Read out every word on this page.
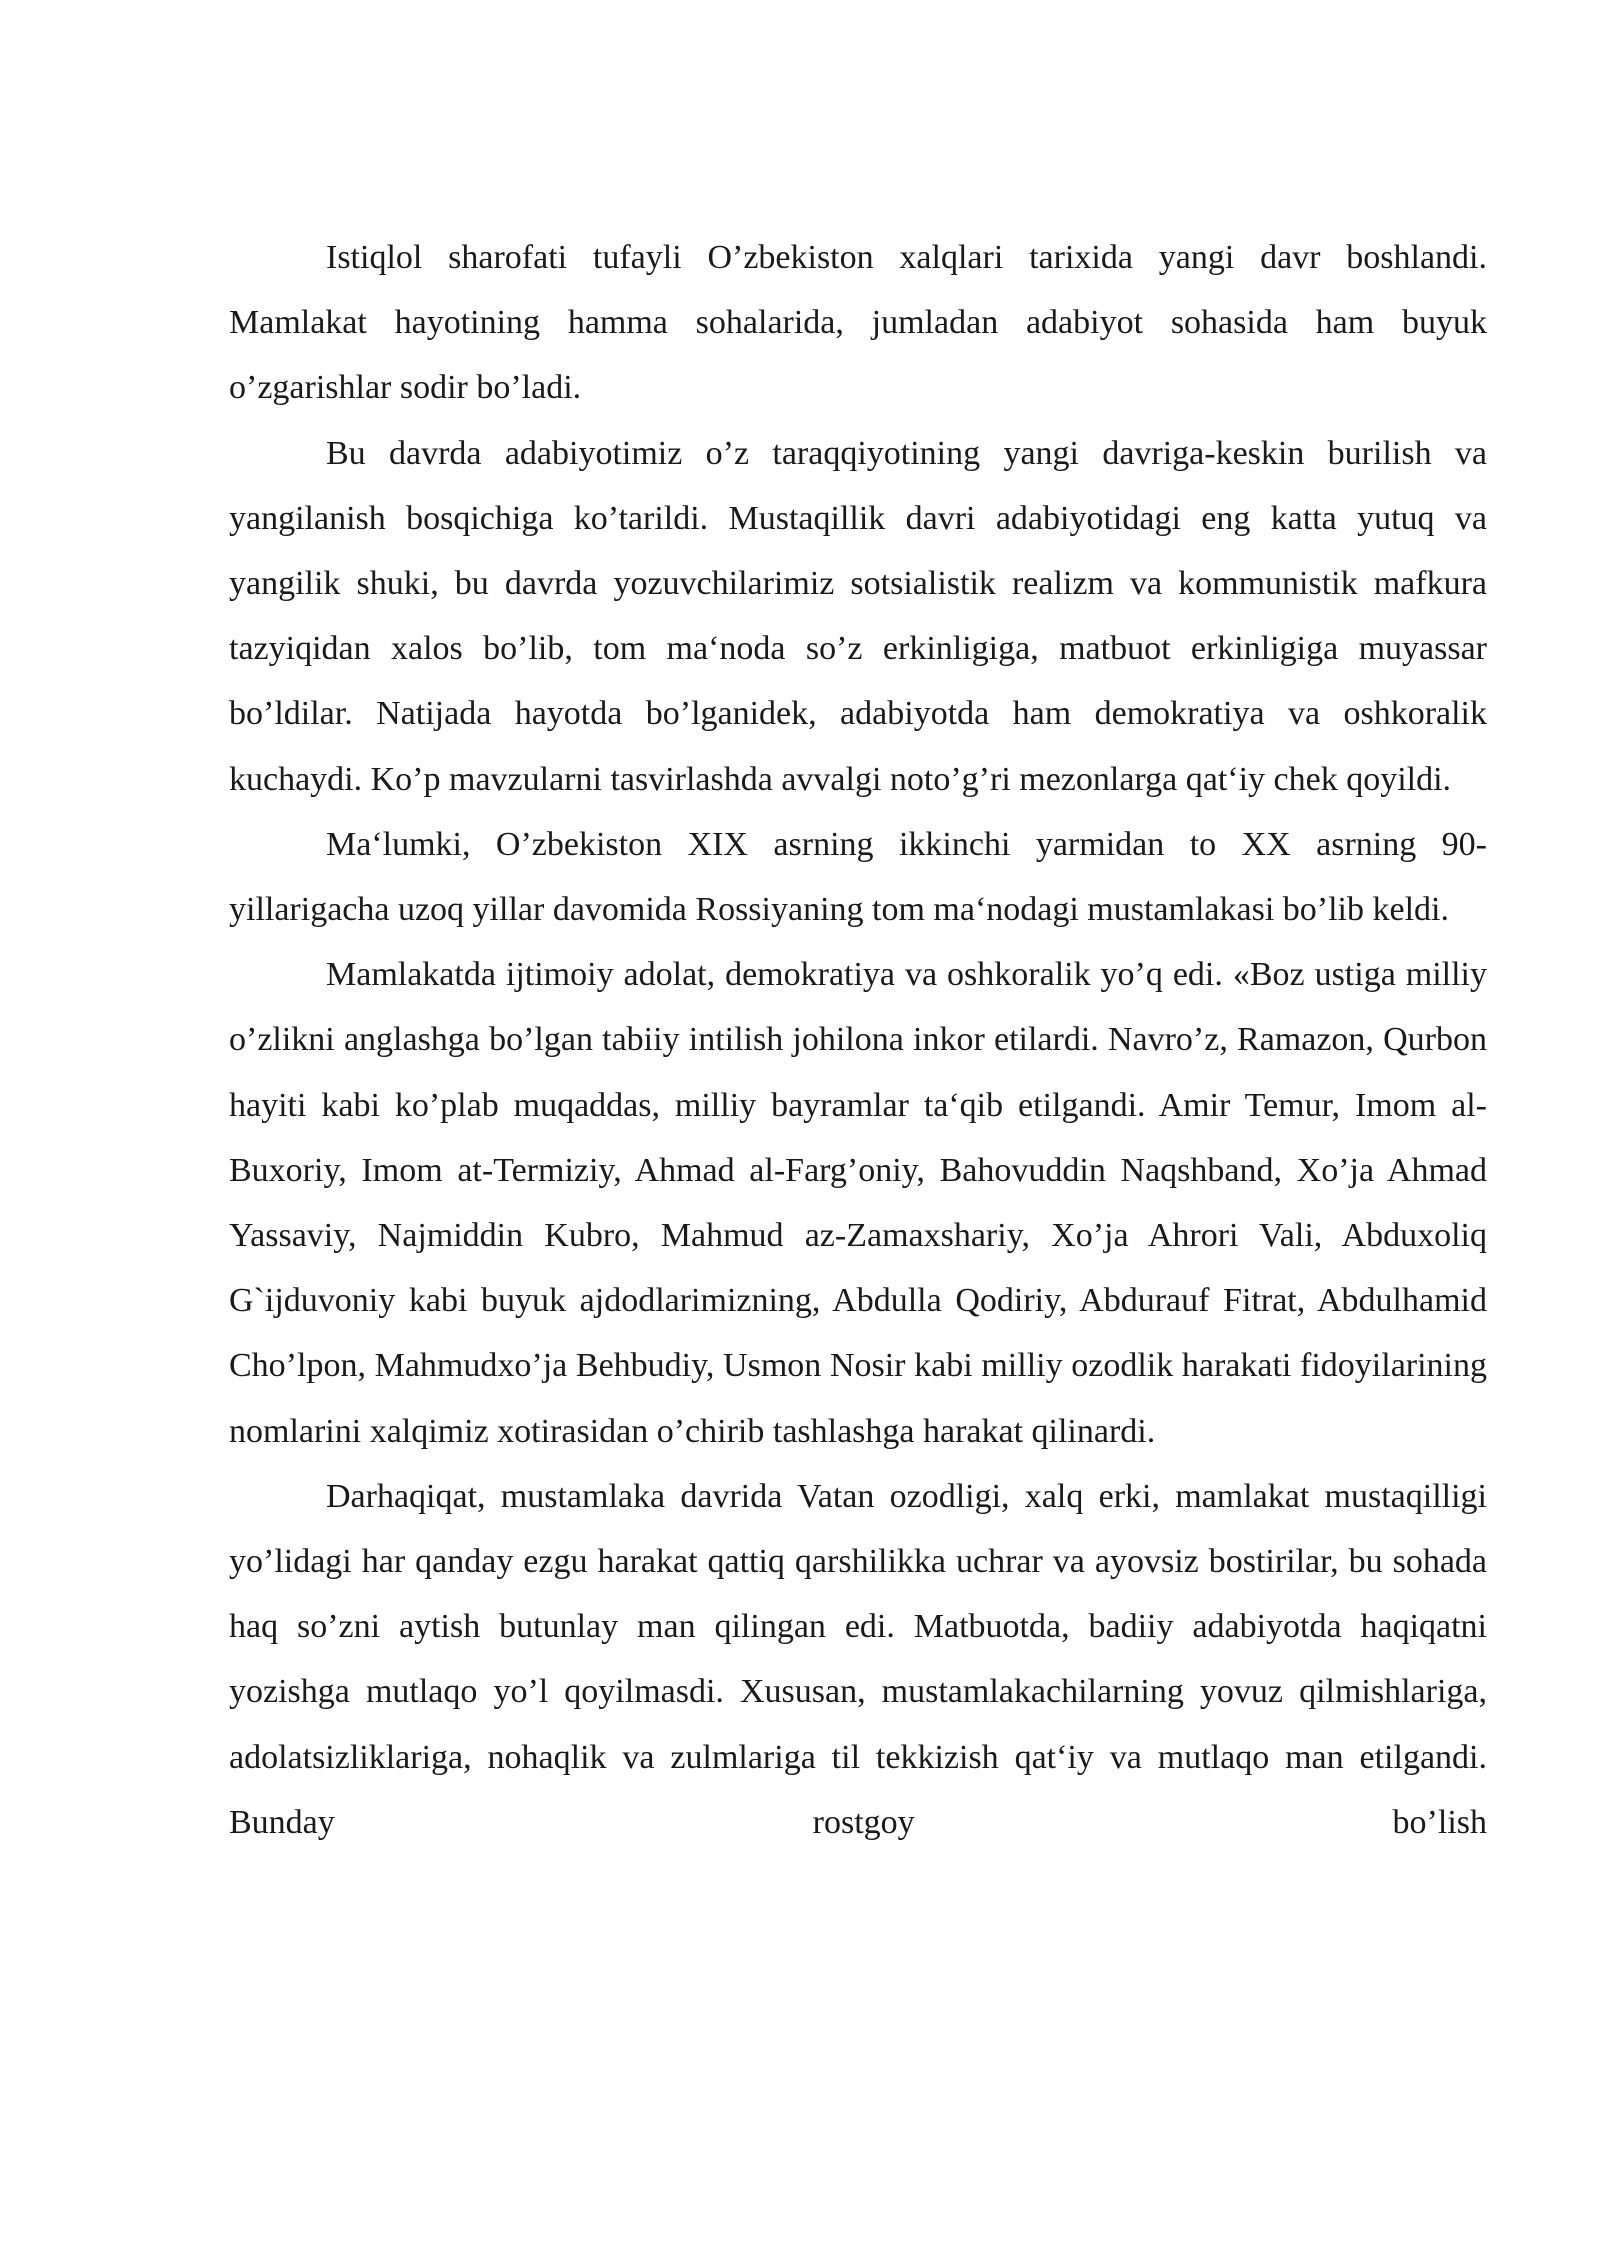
Istiqlol sharofati tufayli O’zbekiston xalqlari tarixida yangi davr boshlandi. Mamlakat hayotining hamma sohalarida, jumladan adabiyot sohasida ham buyuk o’zgarishlar sodir bo’ladi.

Bu davrda adabiyotimiz o’z taraqqiyotining yangi davriga-keskin burilish va yangilanish bosqichiga ko’tarildi. Mustaqillik davri adabiyotidagi eng katta yutuq va yangilik shuki, bu davrda yozuvchilarimiz sotsialistik realizm va kommunistik mafkura tazyiqidan xalos bo’lib, tom ma‘noda so’z erkinligiga, matbuot erkinligiga muyassar bo’ldilar. Natijada hayotda bo’lganidek, adabiyotda ham demokratiya va oshkoralik kuchaydi. Ko’p mavzularni tasvirlashda avvalgi noto’g’ri mezonlarga qat‘iy chek qoyildi.

Ma‘lumki, O’zbekiston XIX asrning ikkinchi yarmidan to XX asrning 90-yillarigacha uzoq yillar davomida Rossiyaning tom ma‘nodagi mustamlakasi bo’lib keldi.

Mamlakatda ijtimoiy adolat, demokratiya va oshkoralik yo’q edi. «Boz ustiga milliy o’zlikni anglashga bo’lgan tabiiy intilish johilona inkor etilardi. Navro’z, Ramazon, Qurbon hayiti kabi ko’plab muqaddas, milliy bayramlar ta‘qib etilgandi. Amir Temur, Imom al-Buxoriy, Imom at-Termiziy, Ahmad al-Farg’oniy, Bahovuddin Naqshband, Xo’ja Ahmad Yassaviy, Najmiddin Kubro, Mahmud az-Zamaxshariy, Xo’ja Ahrori Vali, Abduxoliq G`ijduvoniy kabi buyuk ajdodlarimizning, Abdulla Qodiriy, Abdurauf Fitrat, Abdulhamid Cho’lpon, Mahmudxo’ja Behbudiy, Usmon Nosir kabi milliy ozodlik harakati fidoyilarining nomlarini xalqimiz xotirasidan o’chirib tashlashga harakat qilinardi.

Darhaqiqat, mustamlaka davrida Vatan ozodligi, xalq erki, mamlakat mustaqilligi yo’lidagi har qanday ezgu harakat qattiq qarshilikka uchrar va ayovsiz bostirilar, bu sohada haq so’zni aytish butunlay man qilingan edi. Matbuotda, badiiy adabiyotda haqiqatni yozishga mutlaqo yo’l qoyilmasdi. Xususan, mustamlakachilarning yovuz qilmishlariga, adolatsizliklariga, nohaqlik va zulmlariga til tekkizish qat‘iy va mutlaqo man etilgandi. Bunday rostgoy bo’lish
